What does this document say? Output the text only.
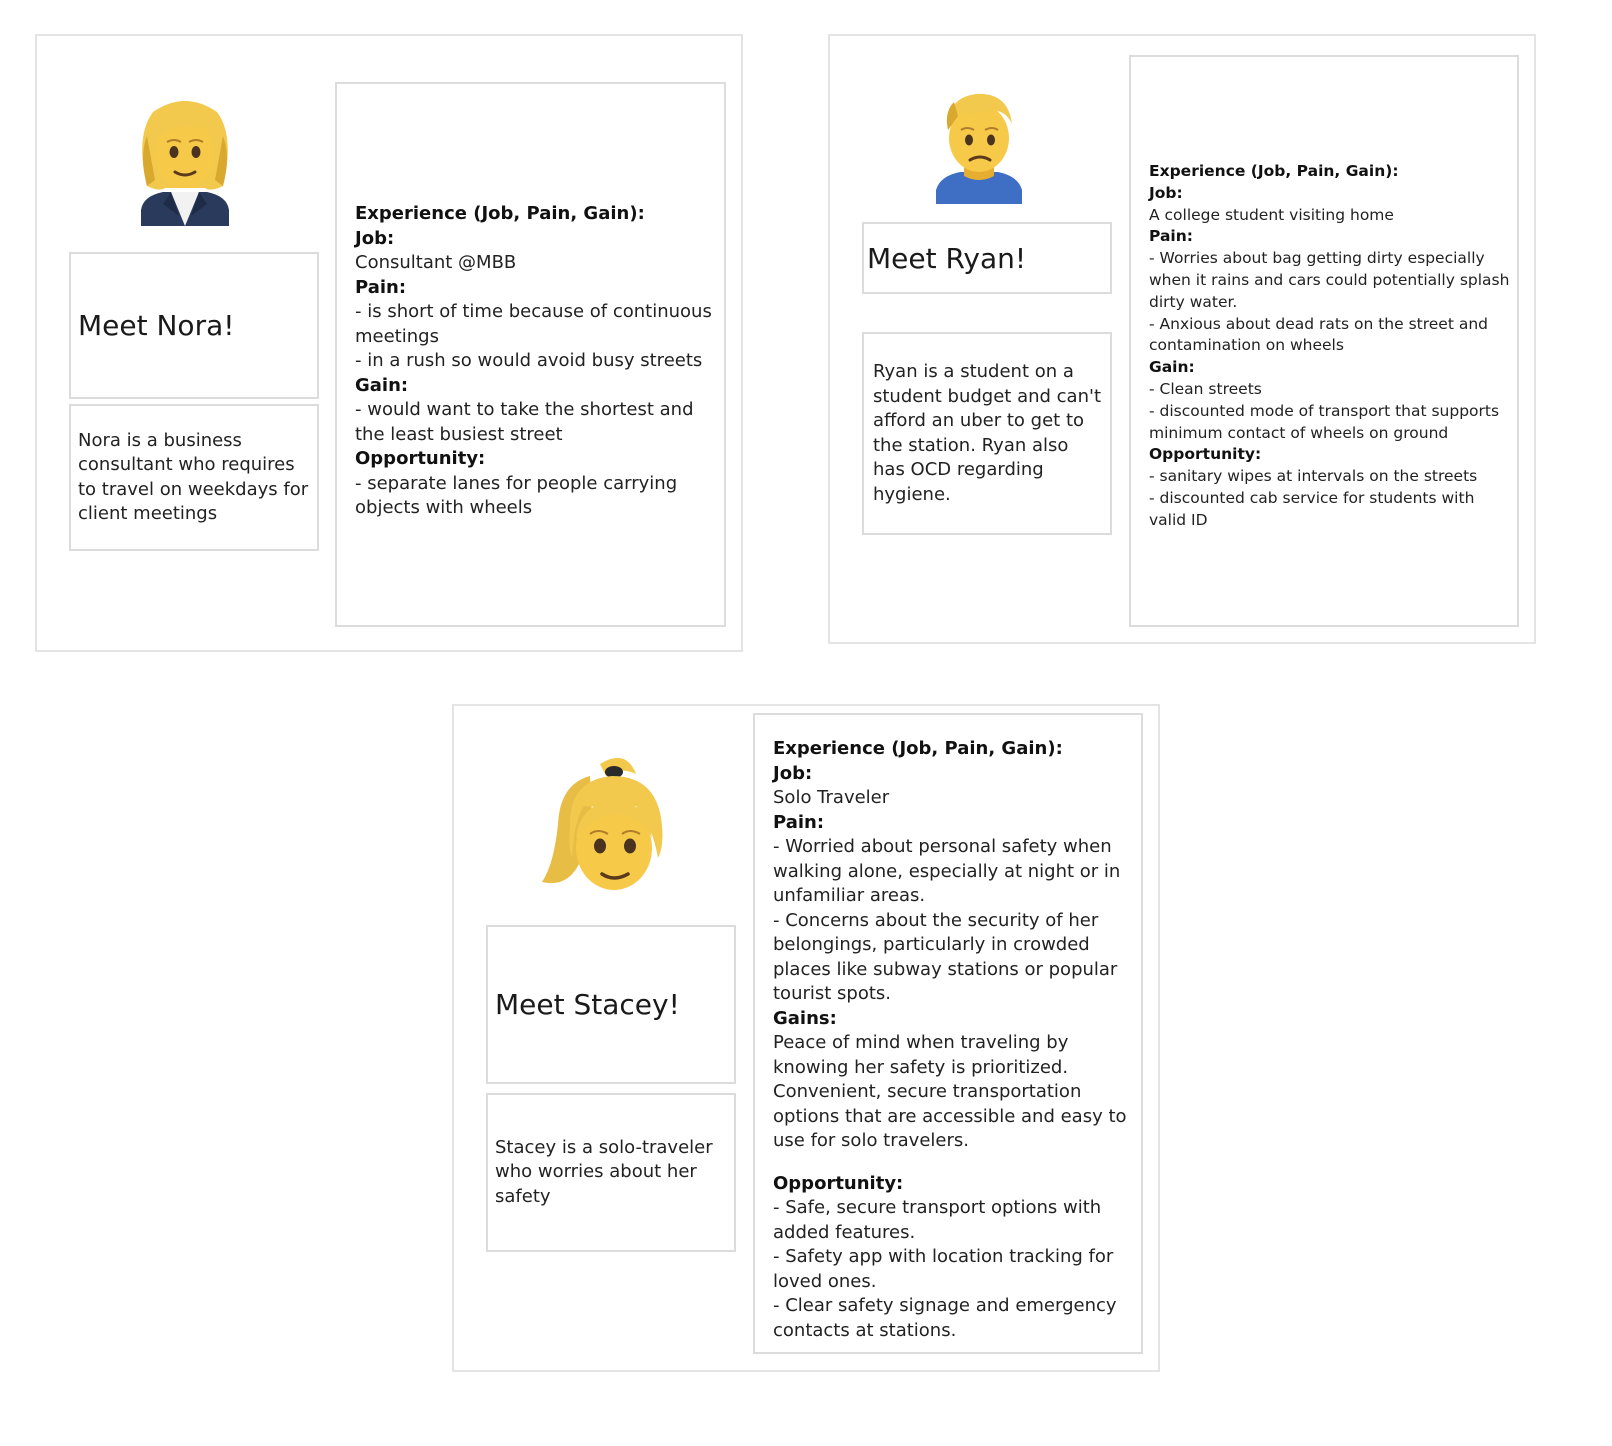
Meet Nora!
Nora is a business consultant who requires to travel on weekdays for client meetings
Experience (Job, Pain, Gain):
Job:
Consultant @MBB
Pain:
- is short of time because of continuous meetings
- in a rush so would avoid busy streets
Gain:
- would want to take the shortest and the least busiest street
Opportunity:
- separate lanes for people carrying objects with wheels
Meet Ryan!
Ryan is a student on a student budget and can't afford an uber to get to the station. Ryan also has OCD regarding hygiene.
Experience (Job, Pain, Gain):
Job:
A college student visiting home
Pain:
- Worries about bag getting dirty especially when it rains and cars could potentially splash dirty water.
- Anxious about dead rats on the street and contamination on wheels
Gain:
- Clean streets
- discounted mode of transport that supports minimum contact of wheels on ground
Opportunity:
- sanitary wipes at intervals on the streets
- discounted cab service for students with valid ID
Meet Stacey!
Stacey is a solo-traveler who worries about her safety
Experience (Job, Pain, Gain):
Job:
Solo Traveler
Pain:
- Worried about personal safety when walking alone, especially at night or in unfamiliar areas.
- Concerns about the security of her belongings, particularly in crowded places like subway stations or popular tourist spots.
Gains:
Peace of mind when traveling by knowing her safety is prioritized.
Convenient, secure transportation options that are accessible and easy to use for solo travelers.
Opportunity:
- Safe, secure transport options with added features.
- Safety app with location tracking for loved ones.
- Clear safety signage and emergency contacts at stations.
